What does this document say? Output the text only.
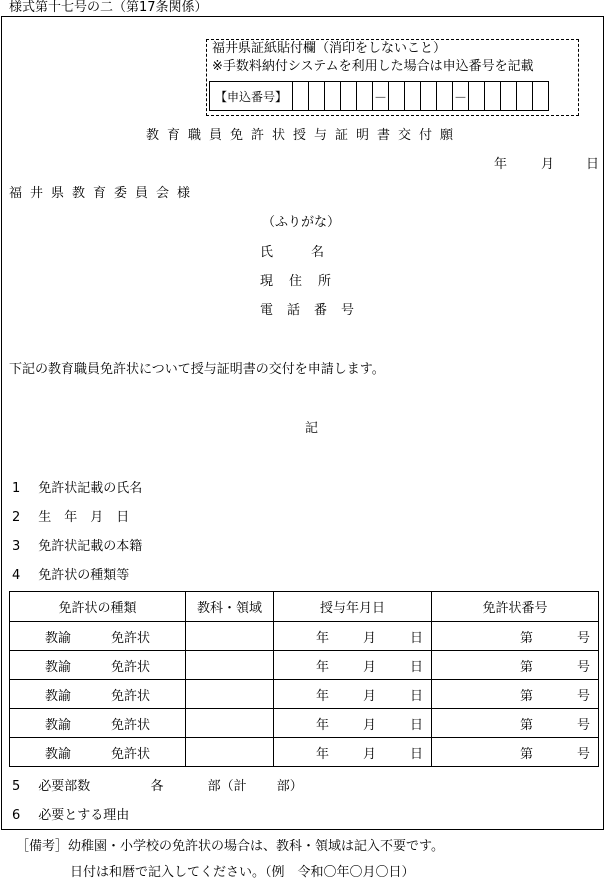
様式第十七号の二（第17条関係）
福井県証紙貼付欄（消印をしないこと）
※手数料納付システムを利用した場合は申込番号を記載
【申込番号】	－	－
教育職員免許状授与証明書交付願
年	月 日
福井県教育委員会様
（ふりがな）
氏　　名
現住所
電話番号
下記の教育職員免許状について授与証明書の交付を申請します。
記
1 免許状記載の氏名
2 生　年　月　日
3 免許状記載の本籍
4 免許状の種類等
免許状の種類	教科・領域	授与年月日	免許状番号

教諭 免許状		年 月 日	第 号

教諭 免許状		年 月 日	第 号

教諭 免許状		年 月 日	第 号

教諭 免許状		年 月 日	第 号

教諭 免許状		年 月 日	第 号
5 必要部数	各	部（計 部）
6 必要とする理由
［備考］幼稚園・小学校の免許状の場合は、教科・領域は記入不要です。
日付は和暦で記入してください。（例　令和〇年〇月〇日）
